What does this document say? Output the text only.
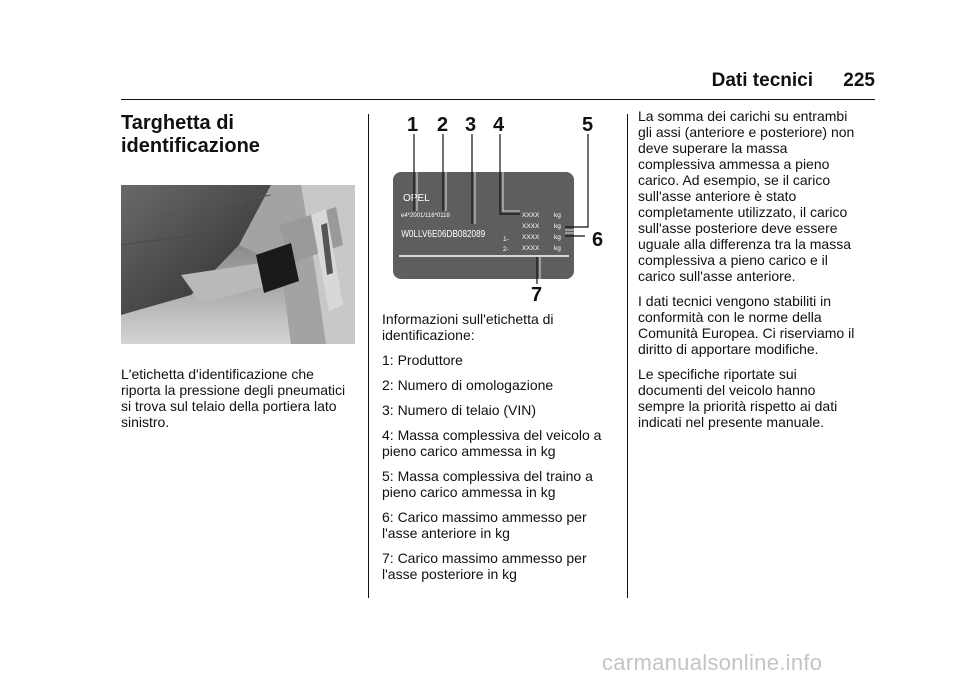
Dati tecnici 225
Targhetta di
identificazione

L'etichetta d'identificazione che
riporta la pressione degli pneumatici
si trova sul telaio della portiera lato
sinistro.

OPEL
e4*2001/116*0118
W0LLV6E06DB082089
XXXX
XXXX
XXXX
XXXX
kg
kg
kg
kg
1-
2-
1 2 3 4	5
6
7

Informazioni sull'etichetta di
identificazione:

1: Produttore

2: Numero di omologazione

3: Numero di telaio (VIN)

4: Massa complessiva del veicolo a
pieno carico ammessa in kg

5: Massa complessiva del traino a
pieno carico ammessa in kg

6: Carico massimo ammesso per
l'asse anteriore in kg

7: Carico massimo ammesso per
l'asse posteriore in kg

La somma dei carichi su entrambi
gli assi (anteriore e posteriore) non
deve superare la massa
complessiva ammessa a pieno
carico. Ad esempio, se il carico
sull'asse anteriore è stato
completamente utilizzato, il carico
sull'asse posteriore deve essere
uguale alla differenza tra la massa
complessiva a pieno carico e il
carico sull'asse anteriore.

I dati tecnici vengono stabiliti in
conformità con le norme della
Comunità Europea. Ci riserviamo il
diritto di apportare modifiche.

Le specifiche riportate sui
documenti del veicolo hanno
sempre la priorità rispetto ai dati
indicati nel presente manuale.

carmanualsonline.info
